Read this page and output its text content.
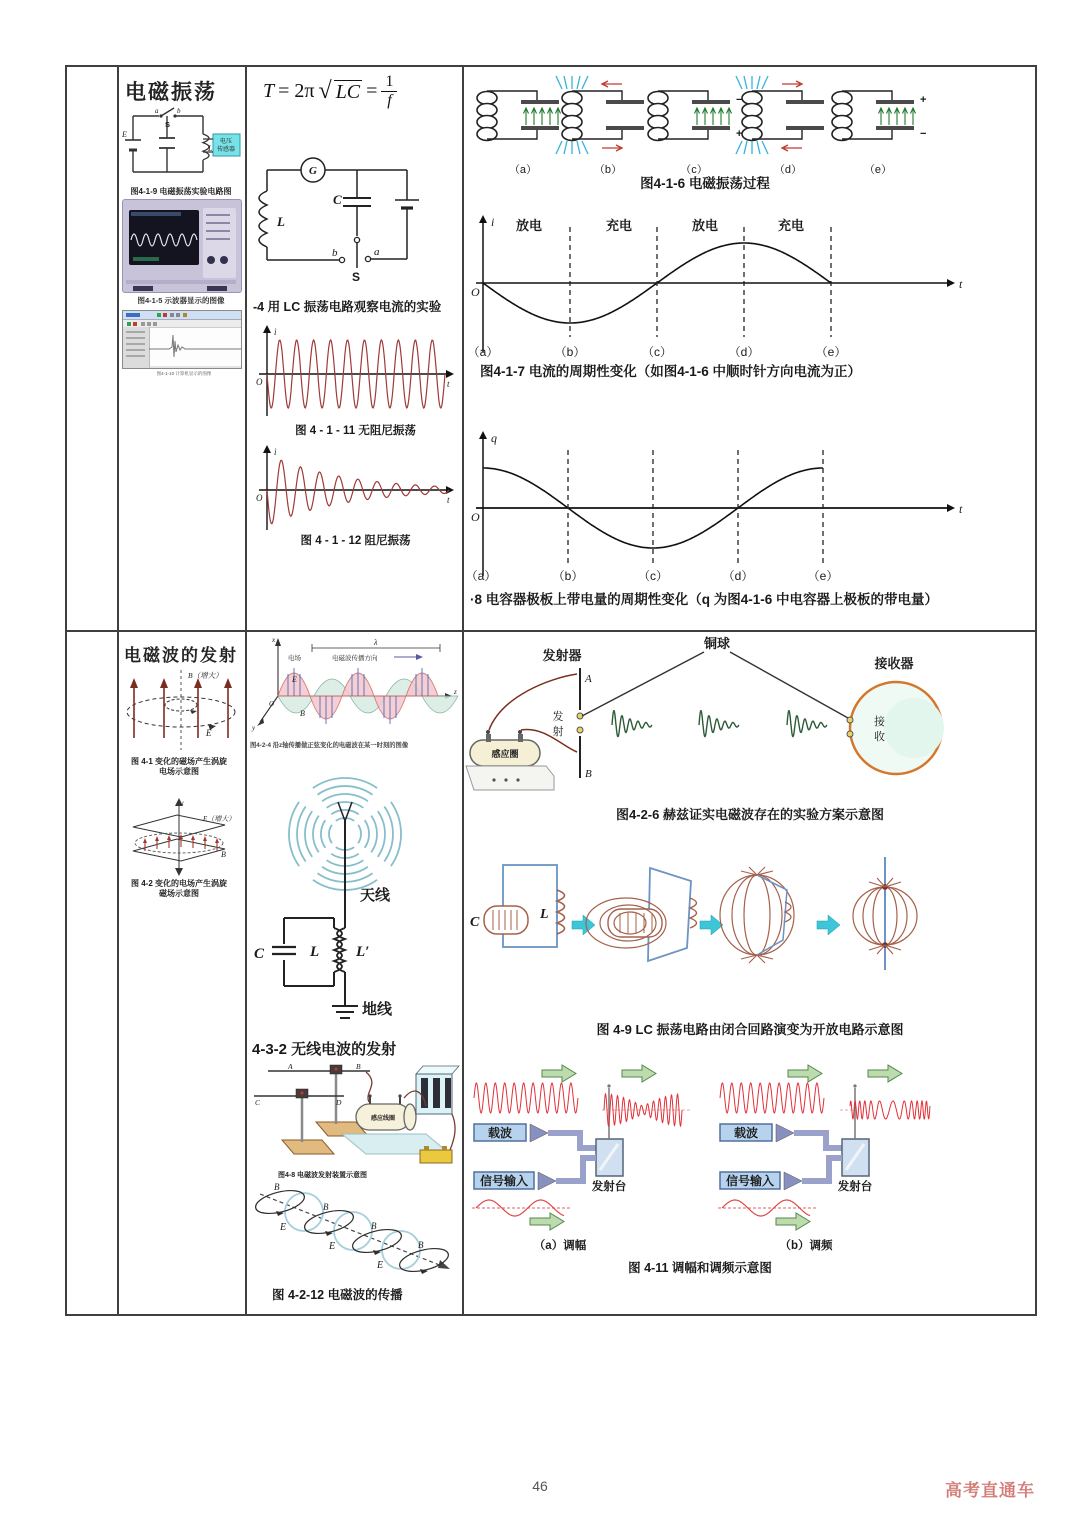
电磁振荡
E
a	b
S
L
电压
传感器
图4-1-9 电磁振荡实验电路图
图4-1-5 示波器显示的图像
图4-1-10 计算机显示的图像
T = 2π √ LC = $\frac{1}{f}$
G
L
C
b	a
S
-4 用 LC 振荡电路观察电流的实验
i
O	t
图 4 - 1 - 11 无阻尼振荡
i
O	t
图 4 - 1 - 12 阻尼振荡
（a）	（b）
−
+
（c）	（d）
+
−
（e）
图4-1-6 电磁振荡过程
放电	充电	放电	充电
i
O
t
（a）	（b）	（c）	（d）	（e）
图4-1-7 电流的周期性变化（如图4-1-6 中顺时针方向电流为正）
q
O
t
（a）	（b）	（c）	（d）	（e）
·8 电容器极板上带电量的周期性变化（q 为图4-1-6 中电容器上极板的带电量）
电磁波的发射
B（增大）
E
图 4-1 变化的磁场产生涡旋
电场示意图
i
E（增大）
B
图 4-2 变化的电场产生涡旋
磁场示意图
x
z
y
O
λ
电场	电磁波传播方向
E
B
图4-2-4 沿z轴传播做正弦变化的电磁波在某一时刻的图像
天线
C	L L′
地线
4-3-2 无线电波的发射
A	B
C	D
感应线圈
图4-8 电磁波发射装置示意图
B
B
B
B
E
E
E
图 4-2-12 电磁波的传播
发射器
A
B
发
射
感应圈
铜球
接收器
接
收
图4-2-6 赫兹证实电磁波存在的实验方案示意图
C
L
图 4-9 LC 振荡电路由闭合回路演变为开放电路示意图
载波
信号输入	发射台
（a）调幅
载波
信号输入	发射台
（b）调频
图 4-11 调幅和调频示意图
46	高考直通车
